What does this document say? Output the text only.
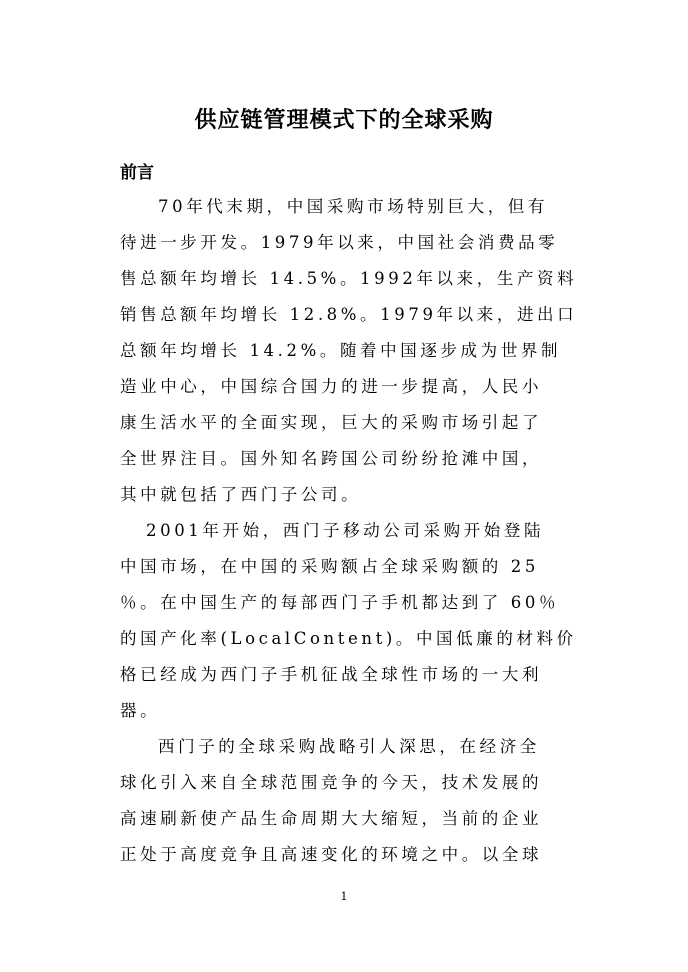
供应链管理模式下的全球采购
前言
70年代末期，中国采购市场特别巨大，但有
待进一步开发。1979年以来，中国社会消费品零
售总额年均增长 14.5%。1992年以来，生产资料
销售总额年均增长 12.8%。1979年以来，进出口
总额年均增长 14.2%。随着中国逐步成为世界制
造业中心，中国综合国力的进一步提高，人民小
康生活水平的全面实现，巨大的采购市场引起了
全世界注目。国外知名跨国公司纷纷抢滩中国，
其中就包括了西门子公司。
2001年开始，西门子移动公司采购开始登陆
中国市场，在中国的采购额占全球采购额的 25
％。在中国生产的每部西门子手机都达到了 60％
的国产化率(LocalContent)。中国低廉的材料价
格已经成为西门子手机征战全球性市场的一大利
器。
西门子的全球采购战略引人深思，在经济全
球化引入来自全球范围竞争的今天，技术发展的
高速刷新使产品生命周期大大缩短，当前的企业
正处于高度竞争且高速变化的环境之中。以全球
1
